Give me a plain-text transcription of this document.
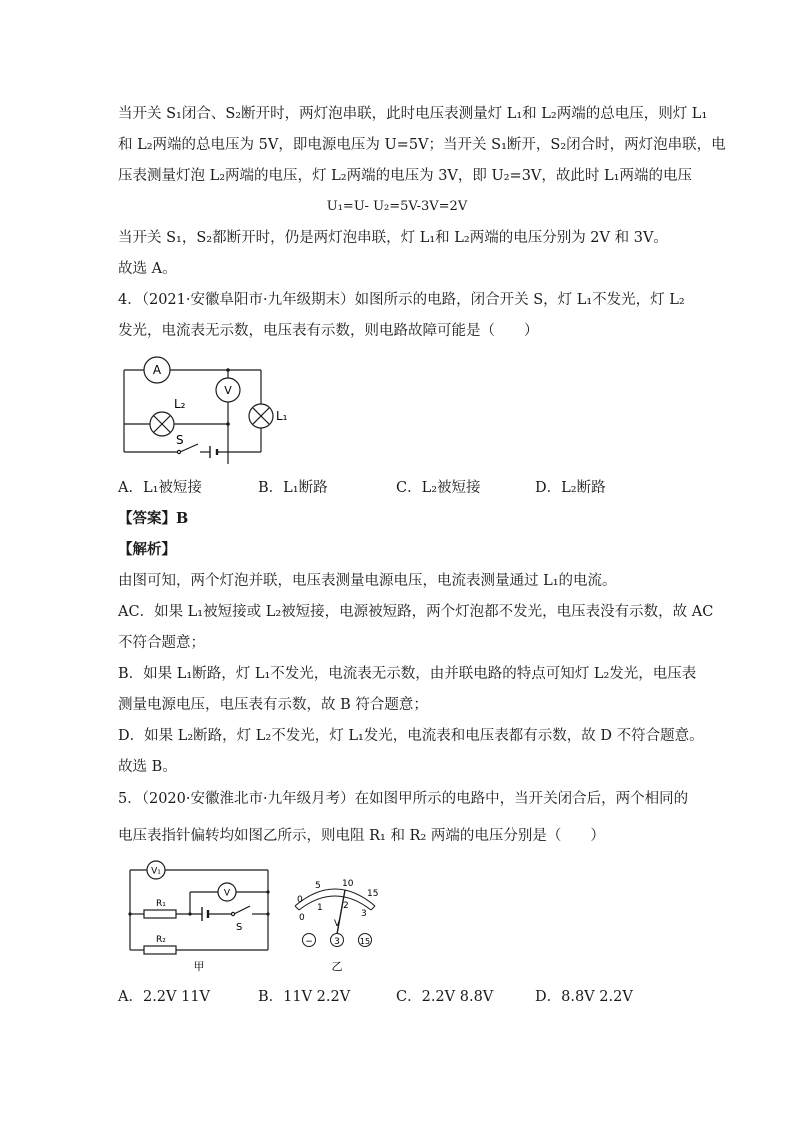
当开关 S₁闭合、S₂断开时，两灯泡串联，此时电压表测量灯 L₁和 L₂两端的总电压，则灯 L₁
和 L₂两端的总电压为 5V，即电源电压为 U=5V；当开关 S₁断开，S₂闭合时，两灯泡串联，电
压表测量灯泡 L₂两端的电压，灯 L₂两端的电压为 3V，即 U₂=3V，故此时 L₁两端的电压
U₁=U- U₂=5V-3V=2V
当开关 S₁，S₂都断开时，仍是两灯泡串联，灯 L₁和 L₂两端的电压分别为 2V 和 3V。
故选 A。
4．（2021·安徽阜阳市·九年级期末）如图所示的电路，闭合开关 S，灯 L₁不发光，灯 L₂
发光，电流表无示数，电压表有示数，则电路故障可能是（　　）
A
V
L₂
L₁
S
A．L₁被短接	B．L₁断路	C．L₂被短接	D．L₂断路
【答案】B
【解析】
由图可知，两个灯泡并联，电压表测量电源电压，电流表测量通过 L₁的电流。
AC．如果 L₁被短接或 L₂被短接，电源被短路，两个灯泡都不发光，电压表没有示数，故 AC
不符合题意；
B．如果 L₁断路，灯 L₁不发光，电流表无示数，由并联电路的特点可知灯 L₂发光，电压表
测量电源电压，电压表有示数，故 B 符合题意；
D．如果 L₂断路，灯 L₂不发光，灯 L₁发光，电流表和电压表都有示数，故 D 不符合题意。
故选 B。
5．（2020·安徽淮北市·九年级月考）在如图甲所示的电路中，当开关闭合后，两个相同的
电压表指针偏转均如图乙所示，则电阻 R₁ 和 R₂ 两端的电压分别是（　　）
V₁
V
R₁
R₂
S
甲
0
5 10
15
0
1 2
3
V
− 3	15
乙
A．2.2V 11V	B．11V 2.2V	C．2.2V 8.8V	D．8.8V 2.2V
